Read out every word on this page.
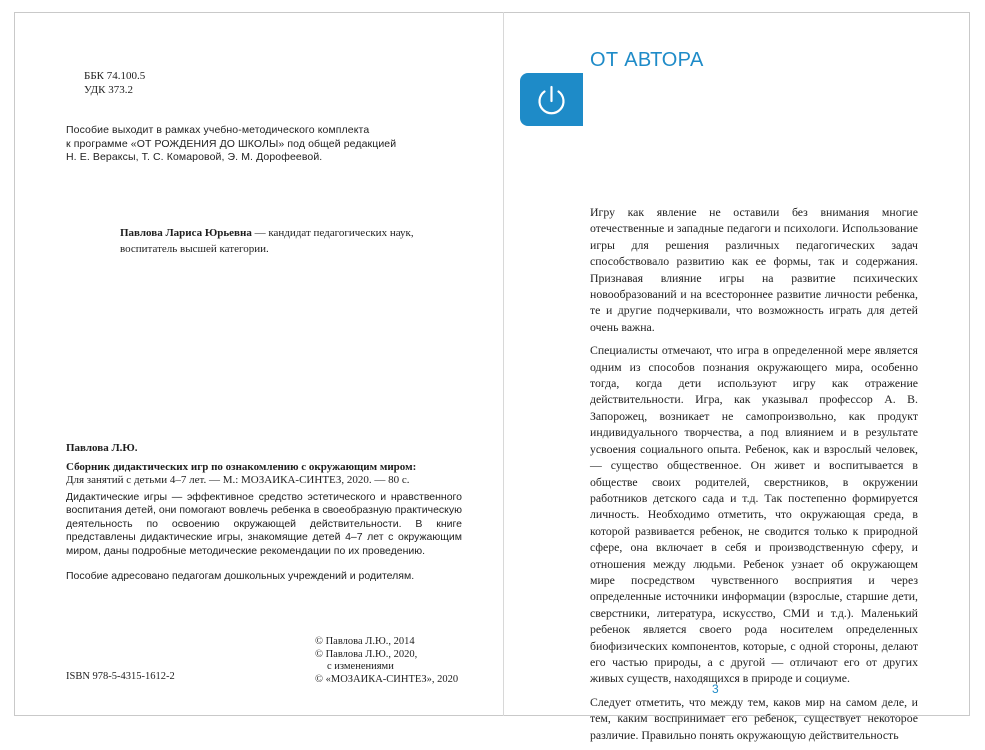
ББК 74.100.5
УДК 373.2
Пособие выходит в рамках учебно-методического комплекта
к программе «ОТ РОЖДЕНИЯ ДО ШКОЛЫ» под общей редакцией
Н. Е. Вераксы, Т. С. Комаровой, Э. М. Дорофеевой.
Павлова Лариса Юрьевна — кандидат педагогических наук, воспитатель высшей категории.
Павлова Л.Ю.
Сборник дидактических игр по ознакомлению с окружающим миром:
Для занятий с детьми 4–7 лет. — М.: МОЗАИКА-СИНТЕЗ, 2020. — 80 с.
Дидактические игры — эффективное средство эстетического и нравственного воспитания детей, они помогают вовлечь ребенка в своеобразную практическую деятельность по освоению окружающей действительности. В книге представлены дидактические игры, знакомящие детей 4–7 лет с окружающим миром, даны подробные методические рекомендации по их проведению.
Пособие адресовано педагогам дошкольных учреждений и родителям.
ISBN 978-5-4315-1612-2
© Павлова Л.Ю., 2014
© Павлова Л.Ю., 2020,
с изменениями
© «МОЗАИКА-СИНТЕЗ», 2020
ОТ АВТОРА

Игру как явление не оставили без внимания многие отечественные и западные педагоги и психологи. Использование игры для решения различных педагогических задач способствовало развитию как ее формы, так и содержания. Признавая влияние игры на развитие психических новообразований и на всестороннее развитие личности ребенка, те и другие подчеркивали, что возможность играть для детей очень важна.

Специалисты отмечают, что игра в определенной мере является одним из способов познания окружающего мира, особенно тогда, когда дети используют игру как отражение действительности. Игра, как указывал профессор А. В. Запорожец, возникает не самопроизвольно, как продукт индивидуального творчества, а под влиянием и в результате усвоения социального опыта. Ребенок, как и взрослый человек, — существо общественное. Он живет и воспитывается в обществе своих родителей, сверстников, в окружении работников детского сада и т.д. Так постепенно формируется личность. Необходимо отметить, что окружающая среда, в которой развивается ребенок, не сводится только к природной сфере, она включает в себя и производственную сферу, и отношения между людьми. Ребенок узнает об окружающем мире посредством чувственного восприятия и через определенные источники информации (взрослые, старшие дети, сверстники, литература, искусство, СМИ и т.д.). Маленький ребенок является своего рода носителем определенных биофизических компонентов, которые, с одной стороны, делают его частью природы, а с другой — отличают его от других живых существ, находящихся в природе и социуме.

Следует отметить, что между тем, каков мир на самом деле, и тем, каким воспринимает его ребенок, существует некоторое различие. Правильно понять окружающую действительность

3
